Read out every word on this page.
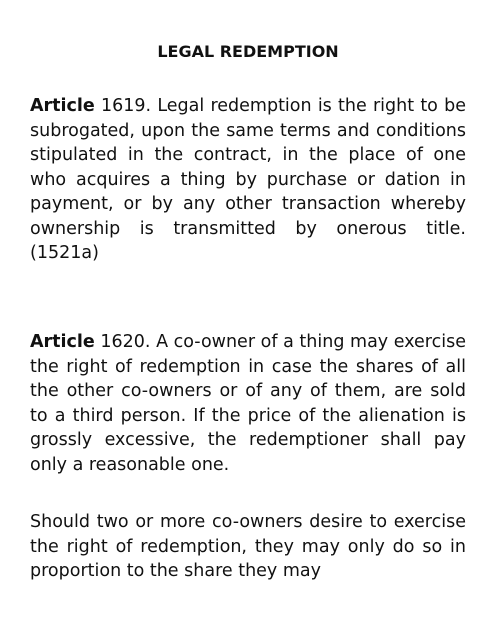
LEGAL REDEMPTION

Article 1619. Legal redemption is the right to be subrogated, upon the same terms and conditions stipulated in the contract, in the place of one who acquires a thing by purchase or dation in payment, or by any other transaction whereby ownership is transmitted by onerous title. (1521a)

Article 1620. A co-owner of a thing may exercise the right of redemption in case the shares of all the other co-owners or of any of them, are sold to a third person. If the price of the alienation is grossly excessive, the redemptioner shall pay only a reasonable one.

Should two or more co-owners desire to exercise the right of redemption, they may only do so in proportion to the share they may
